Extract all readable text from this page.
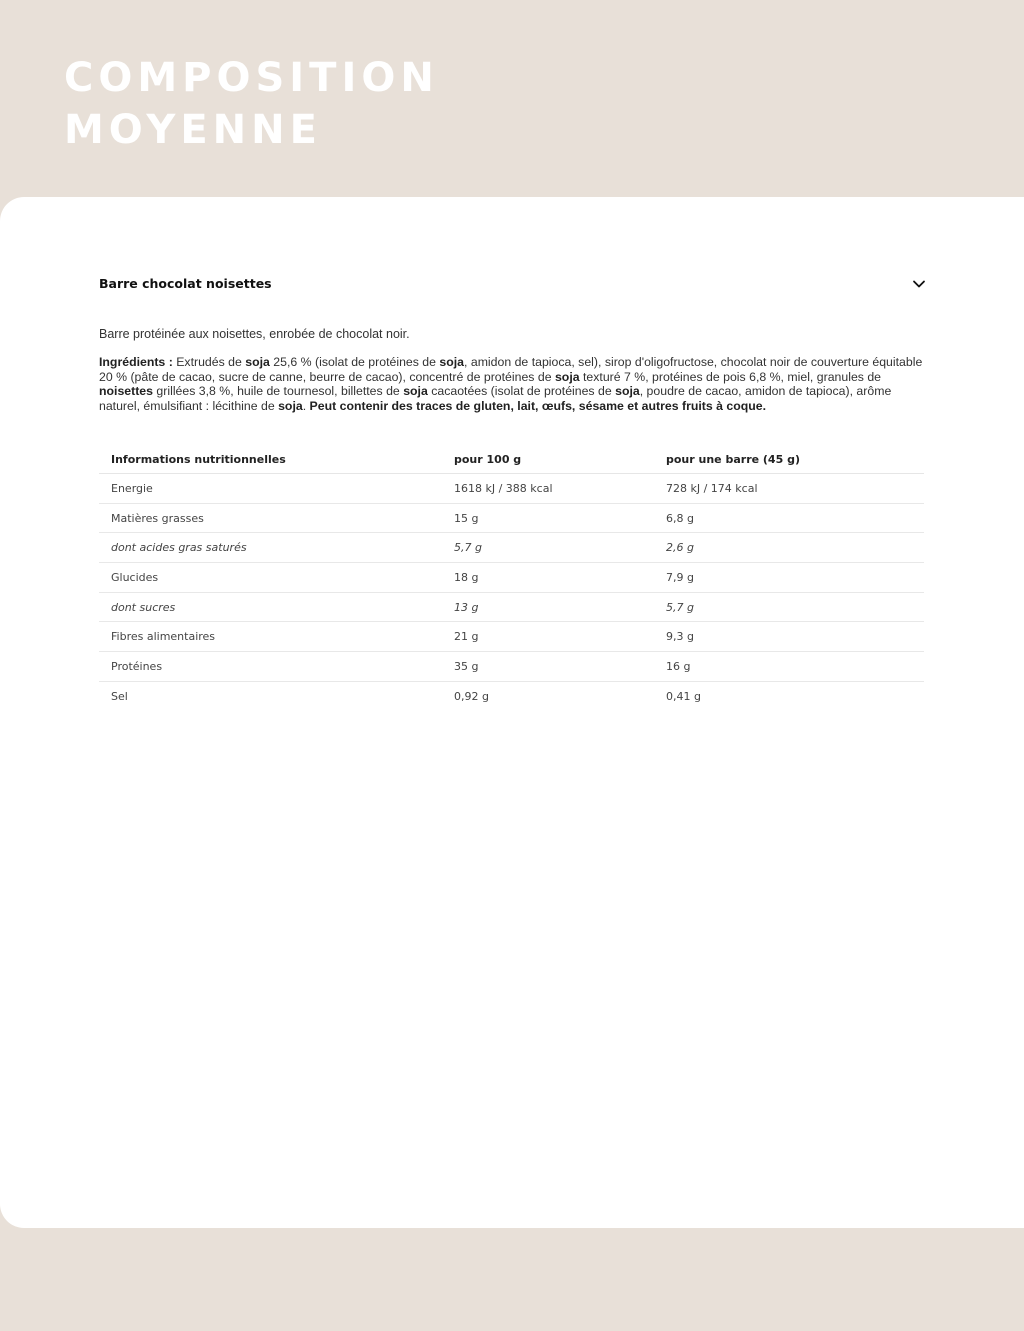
COMPOSITION
MOYENNE
Barre chocolat noisettes

Barre protéinée aux noisettes, enrobée de chocolat noir.

Ingrédients : Extrudés de soja 25,6 % (isolat de protéines de soja, amidon de tapioca, sel), sirop d'oligofructose, chocolat noir de couverture équitable 20 % (pâte de cacao, sucre de canne, beurre de cacao), concentré de protéines de soja texturé 7 %, protéines de pois 6,8 %, miel, granules de noisettes grillées 3,8 %, huile de tournesol, billettes de soja cacaotées (isolat de protéines de soja, poudre de cacao, amidon de tapioca), arôme naturel, émulsifiant : lécithine de soja. Peut contenir des traces de gluten, lait, œufs, sésame et autres fruits à coque.

Informations nutritionnelles	pour 100 g	pour une barre (45 g)
Energie	1618 kJ / 388 kcal	728 kJ / 174 kcal
Matières grasses	15 g	6,8 g
dont acides gras saturés	5,7 g	2,6 g
Glucides	18 g	7,9 g
dont sucres	13 g	5,7 g
Fibres alimentaires	21 g	9,3 g
Protéines	35 g	16 g
Sel	0,92 g	0,41 g
